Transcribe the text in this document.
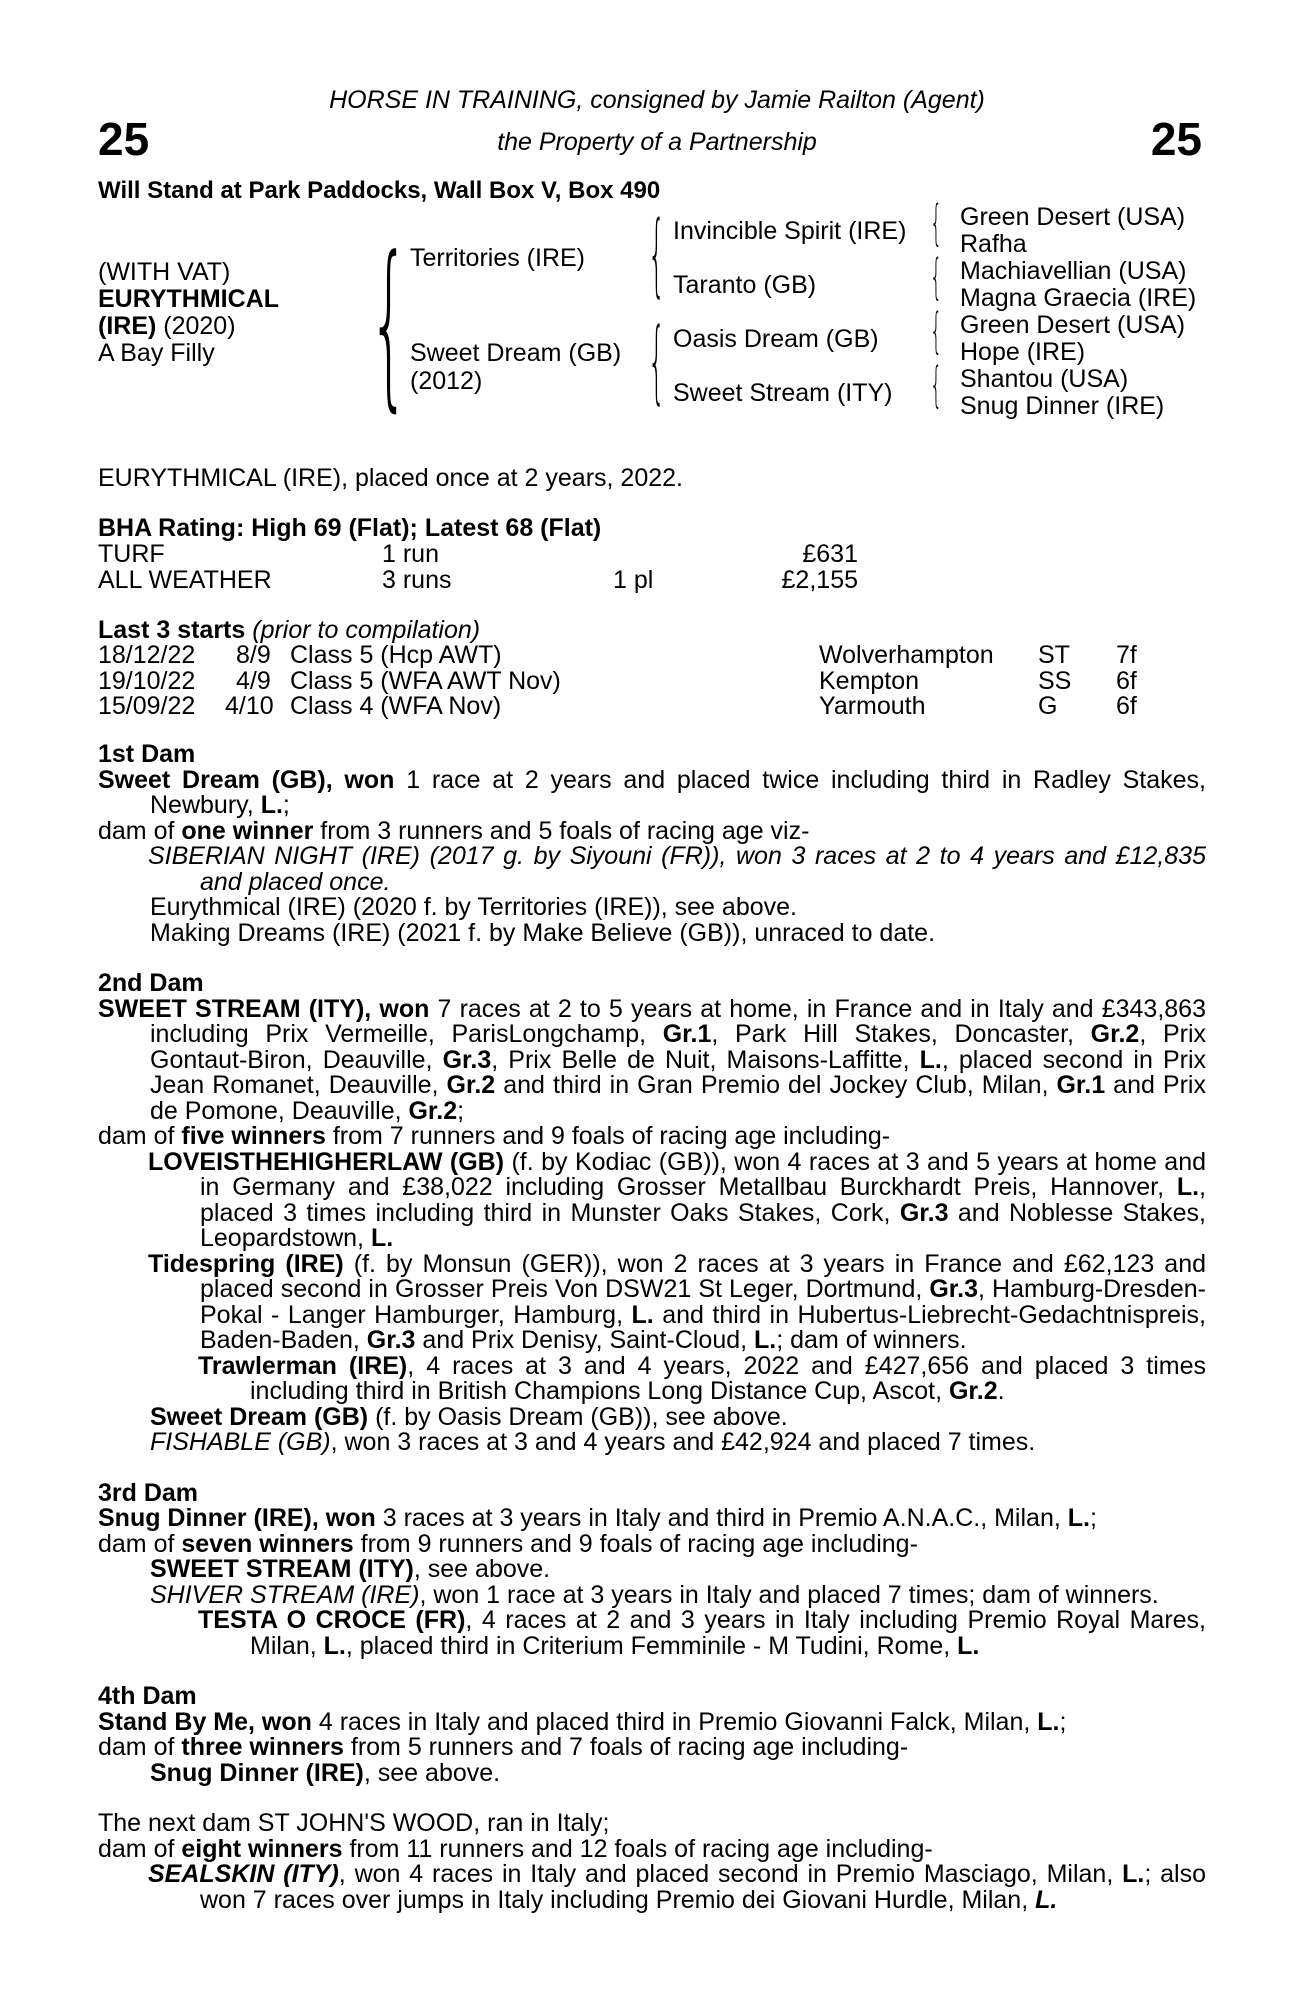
25	25
HORSE IN TRAINING, consigned by Jamie Railton (Agent)
the Property of a Partnership
Will Stand at Park Paddocks, Wall Box V, Box 490
(WITH VAT)
EURYTHMICAL
(IRE) (2020)
A Bay Filly { Territories (IRE)
Sweet Dream (GB)
(2012)
{
{
Invincible Spirit (IRE)
Taranto (GB)
Oasis Dream (GB)
Sweet Stream (ITY)
{
{
{
{
Green Desert (USA)
Rafha
Machiavellian (USA)
Magna Graecia (IRE)
Green Desert (USA)
Hope (IRE)
Shantou (USA)
Snug Dinner (IRE)
EURYTHMICAL (IRE), placed once at 2 years, 2022.
BHA Rating: High 69 (Flat); Latest 68 (Flat)
TURF	1 run	£631
ALL WEATHER	3 runs	1 pl	£2,155
Last 3 starts (prior to compilation)
18/12/22 8/9 Class 5 (Hcp AWT)	Wolverhampton ST 7f
19/10/22 4/9 Class 5 (WFA AWT Nov)	Kempton	SS 6f
15/09/22 4/10 Class 4 (WFA Nov)	Yarmouth	G 6f

1st Dam

Sweet Dream (GB), won 1 race at 2 years and placed twice including third in Radley Stakes, Newbury, L.;

dam of one winner from 3 runners and 5 foals of racing age viz-

SIBERIAN NIGHT (IRE) (2017 g. by Siyouni (FR)), won 3 races at 2 to 4 years and £12,835 and placed once.

Eurythmical (IRE) (2020 f. by Territories (IRE)), see above.

Making Dreams (IRE) (2021 f. by Make Believe (GB)), unraced to date.

2nd Dam

SWEET STREAM (ITY), won 7 races at 2 to 5 years at home, in France and in Italy and £343,863 including Prix Vermeille, ParisLongchamp, Gr.1, Park Hill Stakes, Doncaster, Gr.2, Prix Gontaut-Biron, Deauville, Gr.3, Prix Belle de Nuit, Maisons-Laffitte, L., placed second in Prix Jean Romanet, Deauville, Gr.2 and third in Gran Premio del Jockey Club, Milan, Gr.1 and Prix de Pomone, Deauville, Gr.2;

dam of five winners from 7 runners and 9 foals of racing age including-

LOVEISTHEHIGHERLAW (GB) (f. by Kodiac (GB)), won 4 races at 3 and 5 years at home and in Germany and £38,022 including Grosser Metallbau Burckhardt Preis, Hannover, L., placed 3 times including third in Munster Oaks Stakes, Cork, Gr.3 and Noblesse Stakes, Leopardstown, L.

Tidespring (IRE) (f. by Monsun (GER)), won 2 races at 3 years in France and £62,123 and placed second in Grosser Preis Von DSW21 St Leger, Dortmund, Gr.3, Hamburg-Dresden-Pokal - Langer Hamburger, Hamburg, L. and third in Hubertus-Liebrecht-Gedachtnispreis, Baden-Baden, Gr.3 and Prix Denisy, Saint-Cloud, L.; dam of winners.

Trawlerman (IRE), 4 races at 3 and 4 years, 2022 and £427,656 and placed 3 times including third in British Champions Long Distance Cup, Ascot, Gr.2.

Sweet Dream (GB) (f. by Oasis Dream (GB)), see above.

FISHABLE (GB), won 3 races at 3 and 4 years and £42,924 and placed 7 times.

3rd Dam

Snug Dinner (IRE), won 3 races at 3 years in Italy and third in Premio A.N.A.C., Milan, L.;

dam of seven winners from 9 runners and 9 foals of racing age including-

SWEET STREAM (ITY), see above.

SHIVER STREAM (IRE), won 1 race at 3 years in Italy and placed 7 times; dam of winners.

TESTA O CROCE (FR), 4 races at 2 and 3 years in Italy including Premio Royal Mares, Milan, L., placed third in Criterium Femminile - M Tudini, Rome, L.

4th Dam

Stand By Me, won 4 races in Italy and placed third in Premio Giovanni Falck, Milan, L.;

dam of three winners from 5 runners and 7 foals of racing age including-

Snug Dinner (IRE), see above.

The next dam ST JOHN'S WOOD, ran in Italy;

dam of eight winners from 11 runners and 12 foals of racing age including-

SEALSKIN (ITY), won 4 races in Italy and placed second in Premio Masciago, Milan, L.; also won 7 races over jumps in Italy including Premio dei Giovani Hurdle, Milan, L.
